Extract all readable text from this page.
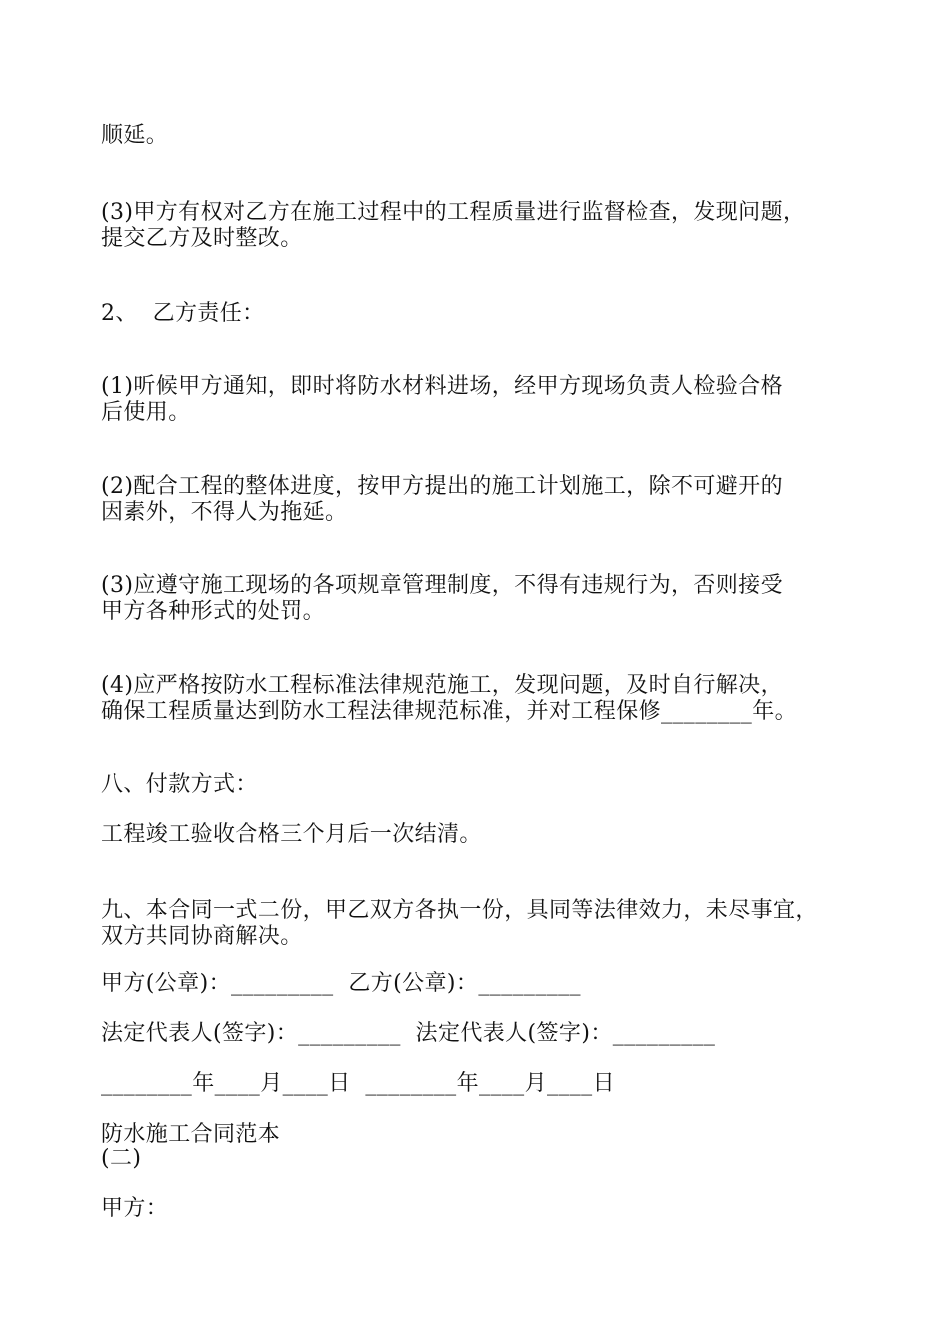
顺延。
(3)甲方有权对乙方在施工过程中的工程质量进行监督检查，发现问题，
提交乙方及时整改。
2、  乙方责任：
(1)听候甲方通知，即时将防水材料进场，经甲方现场负责人检验合格
后使用。
(2)配合工程的整体进度，按甲方提出的施工计划施工，除不可避开的
因素外，不得人为拖延。
(3)应遵守施工现场的各项规章管理制度，不得有违规行为，否则接受
甲方各种形式的处罚。
(4)应严格按防水工程标准法律规范施工，发现问题，及时自行解决，
确保工程质量达到防水工程法律规范标准，并对工程保修________年。
八、付款方式：
工程竣工验收合格三个月后一次结清。
九、本合同一式二份，甲乙双方各执一份，具同等法律效力，未尽事宜，
双方共同协商解决。
甲方(公章)：_________  乙方(公章)：_________
法定代表人(签字)：_________  法定代表人(签字)：_________
________年____月____日  ________年____月____日
防水施工合同范本
(二)
甲方：
